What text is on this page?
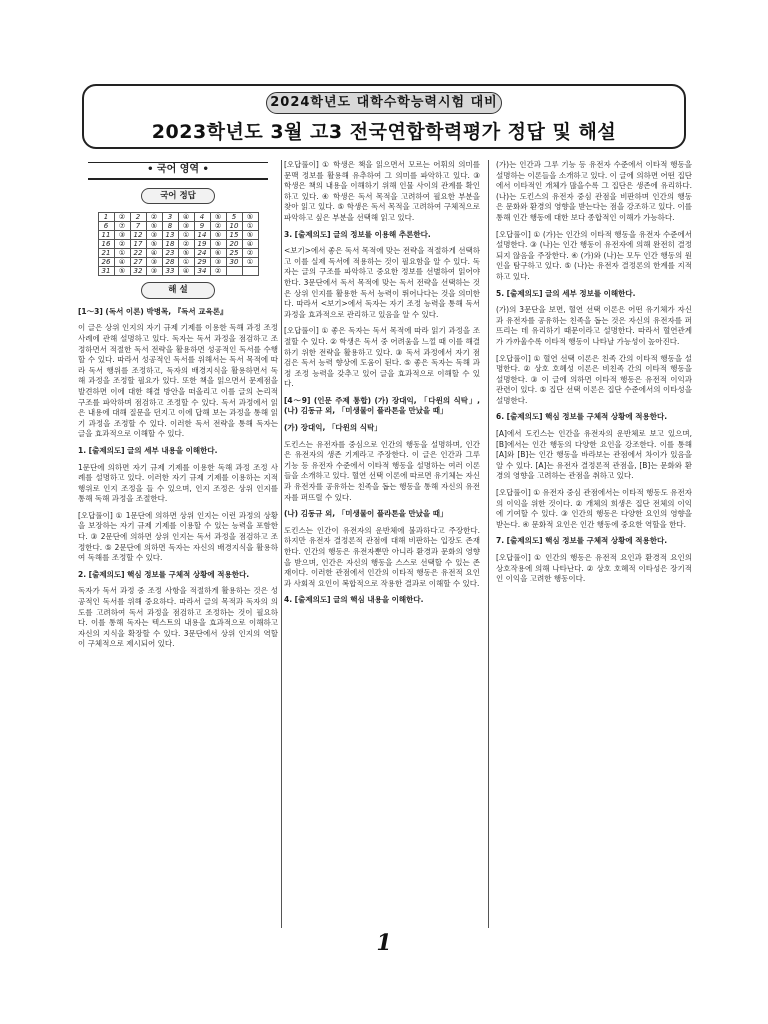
2024학년도 대학수학능력시험 대비
2023학년도 3월 고3 전국연합학력평가 정답 및 해설
• 국어 영역 •
국어 정답
1	②	2	②	3	④	4	⑤	5	⑤
6	⑦	7	⑤	8	③	9	②	10	①
11	③	12	③	13	①	14	⑤	15	⑤
16	②	17	⑤	18	②	19	⑤	20	④
21	①	22	④	23	⑤	24	⑥	25	②
26	④	27	③	28	①	29	③	30	①
31	⑤	32	③	33	④	34	②		
해 설
[1～3] (독서 이론) 박병목, 『독서 교육론』
이 글은 상위 인지의 자기 규제 기제를 이용한 독해 과정 조정 사례에 관해 설명하고 있다. 독자는 독서 과정을 점검하고 조정하면서 적절한 독서 전략을 활용하면 성공적인 독서를 수행할 수 있다. 따라서 성공적인 독서를 위해서는 독서 목적에 따라 독서 행위를 조정하고, 독자의 배경지식을 활용하면서 독해 과정을 조정할 필요가 있다. 또한 책을 읽으면서 문제점을 발견하면 이에 대한 해결 방안을 떠올리고 이를 글의 논리적 구조를 파악하며 점검하고 조정할 수 있다. 독서 과정에서 읽은 내용에 대해 질문을 던지고 이에 답해 보는 과정을 통해 읽기 과정을 조정할 수 있다. 이러한 독서 전략을 통해 독자는 글을 효과적으로 이해할 수 있다.
1. [출제의도] 글의 세부 내용을 이해한다.
1문단에 의하면 자기 규제 기제를 이용한 독해 과정 조정 사례를 설명하고 있다. 이러한 자기 규제 기제를 이용하는 지적 행위로 인지 조정을 들 수 있으며, 인지 조정은 상위 인지를 통해 독해 과정을 조절한다.
[오답풀이] ① 1문단에 의하면 상위 인지는 이런 과정의 상황을 보장하는 자기 규제 기제를 이용할 수 있는 능력을 포함한다. ③ 2문단에 의하면 상위 인지는 독서 과정을 점검하고 조정한다. ⑤ 2문단에 의하면 독자는 자신의 배경지식을 활용하여 독해를 조정할 수 있다.
2. [출제의도] 핵심 정보를 구체적 상황에 적용한다.
독자가 독서 과정 중 조정 사항을 적절하게 활용하는 것은 성공적인 독서를 위해 중요하다. 따라서 글의 목적과 독자의 의도를 고려하여 독서 과정을 점검하고 조정하는 것이 필요하다. 이를 통해 독자는 텍스트의 내용을 효과적으로 이해하고 자신의 지식을 확장할 수 있다. 3문단에서 상위 인지의 역할이 구체적으로 제시되어 있다.
[오답풀이] ① 학생은 책을 읽으면서 모르는 어휘의 의미를 문맥 정보를 활용해 유추하여 그 의미를 파악하고 있다. ③ 학생은 책의 내용을 이해하기 위해 인물 사이의 관계를 확인하고 있다. ④ 학생은 독서 목적을 고려하여 필요한 부분을 찾아 읽고 있다. ⑤ 학생은 독서 목적을 고려하여 구체적으로 파악하고 싶은 부분을 선택해 읽고 있다.
3. [출제의도] 글의 정보를 이용해 추론한다.
<보기>에서 좋은 독서 목적에 맞는 전략을 적절하게 선택하고 이를 실제 독서에 적용하는 것이 필요함을 알 수 있다. 독자는 글의 구조를 파악하고 중요한 정보를 선별하여 읽어야 한다. 3문단에서 독서 목적에 맞는 독서 전략을 선택하는 것은 상위 인지를 활용한 독서 능력이 뛰어나다는 것을 의미한다. 따라서 <보기>에서 독자는 자기 조정 능력을 통해 독서 과정을 효과적으로 관리하고 있음을 알 수 있다.
[오답풀이] ① 좋은 독자는 독서 목적에 따라 읽기 과정을 조절할 수 있다. ② 학생은 독서 중 어려움을 느낄 때 이를 해결하기 위한 전략을 활용하고 있다. ③ 독서 과정에서 자기 점검은 독서 능력 향상에 도움이 된다. ⑤ 좋은 독자는 독해 과정 조정 능력을 갖추고 있어 글을 효과적으로 이해할 수 있다.
[4～9] (인문 주제 통합) (가) 장대익, 「다윈의 식탁」, (나) 김동규 외, 「미생물이 플라톤을 만났을 때」
(가) 장대익, 「다윈의 식탁」
도킨스는 유전자를 중심으로 인간의 행동을 설명하며, 인간은 유전자의 생존 기계라고 주장한다. 이 글은 인간과 그루 기능 등 유전자 수준에서 이타적 행동을 설명하는 여러 이론들을 소개하고 있다. 혈연 선택 이론에 따르면 유기체는 자신과 유전자를 공유하는 친족을 돕는 행동을 통해 자신의 유전자를 퍼뜨릴 수 있다.
(나) 김동규 외, 「미생물이 플라톤을 만났을 때」
도킨스는 인간이 유전자의 운반체에 불과하다고 주장한다. 하지만 유전자 결정론적 관점에 대해 비판하는 입장도 존재한다. 인간의 행동은 유전자뿐만 아니라 환경과 문화의 영향을 받으며, 인간은 자신의 행동을 스스로 선택할 수 있는 존재이다. 이러한 관점에서 인간의 이타적 행동은 유전적 요인과 사회적 요인이 복합적으로 작용한 결과로 이해할 수 있다.
4. [출제의도] 글의 핵심 내용을 이해한다.
(가)는 인간과 그루 기능 등 유전자 수준에서 이타적 행동을 설명하는 이론들을 소개하고 있다. 이 글에 의하면 어떤 집단에서 이타적인 개체가 많을수록 그 집단은 생존에 유리하다. (나)는 도킨스의 유전자 중심 관점을 비판하며 인간의 행동은 문화와 환경의 영향을 받는다는 점을 강조하고 있다. 이를 통해 인간 행동에 대한 보다 종합적인 이해가 가능하다.
[오답풀이] ① (가)는 인간의 이타적 행동을 유전자 수준에서 설명한다. ③ (나)는 인간 행동이 유전자에 의해 완전히 결정되지 않음을 주장한다. ④ (가)와 (나)는 모두 인간 행동의 원인을 탐구하고 있다. ⑤ (나)는 유전자 결정론의 한계를 지적하고 있다.
5. [출제의도] 글의 세부 정보를 이해한다.
(가)의 3문단을 보면, 혈연 선택 이론은 어떤 유기체가 자신과 유전자를 공유하는 친족을 돕는 것은 자신의 유전자를 퍼뜨리는 데 유리하기 때문이라고 설명한다. 따라서 혈연관계가 가까울수록 이타적 행동이 나타날 가능성이 높아진다.
[오답풀이] ① 혈연 선택 이론은 친족 간의 이타적 행동을 설명한다. ② 상호 호혜성 이론은 비친족 간의 이타적 행동을 설명한다. ③ 이 글에 의하면 이타적 행동은 유전적 이익과 관련이 있다. ⑤ 집단 선택 이론은 집단 수준에서의 이타성을 설명한다.
6. [출제의도] 핵심 정보를 구체적 상황에 적용한다.
[A]에서 도킨스는 인간을 유전자의 운반체로 보고 있으며, [B]에서는 인간 행동의 다양한 요인을 강조한다. 이를 통해 [A]와 [B]는 인간 행동을 바라보는 관점에서 차이가 있음을 알 수 있다. [A]는 유전자 결정론적 관점을, [B]는 문화와 환경의 영향을 고려하는 관점을 취하고 있다.
[오답풀이] ① 유전자 중심 관점에서는 이타적 행동도 유전자의 이익을 위한 것이다. ② 개체의 희생은 집단 전체의 이익에 기여할 수 있다. ③ 인간의 행동은 다양한 요인의 영향을 받는다. ④ 문화적 요인은 인간 행동에 중요한 역할을 한다.
7. [출제의도] 핵심 정보를 구체적 상황에 적용한다.
[오답풀이] ① 인간의 행동은 유전적 요인과 환경적 요인의 상호작용에 의해 나타난다. ② 상호 호혜적 이타성은 장기적인 이익을 고려한 행동이다.
1
